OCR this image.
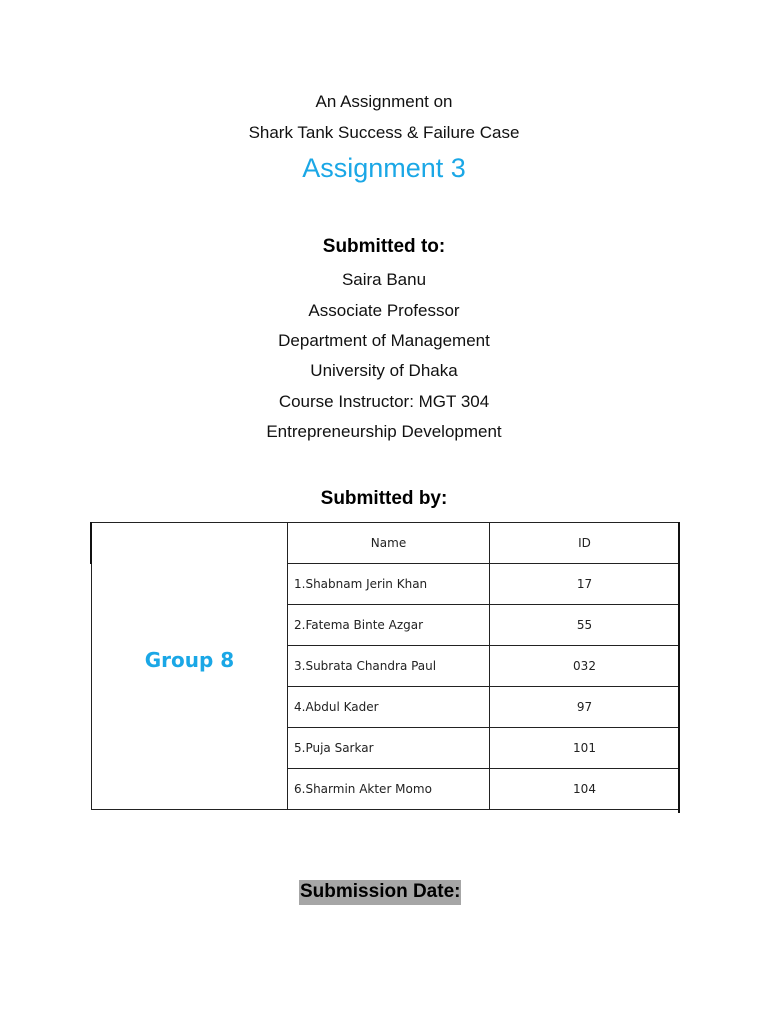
An Assignment on
Shark Tank Success & Failure Case
Assignment 3
Submitted to:
Saira Banu
Associate Professor
Department of Management
University of Dhaka
Course Instructor: MGT 304
Entrepreneurship Development
Submitted by:
Group 8	Name	ID
	1.Shabnam Jerin Khan	17
	2.Fatema Binte Azgar	55
	3.Subrata Chandra Paul	032
	4.Abdul Kader	97
	5.Puja Sarkar	101
	6.Sharmin Akter Momo	104
Submission Date:
